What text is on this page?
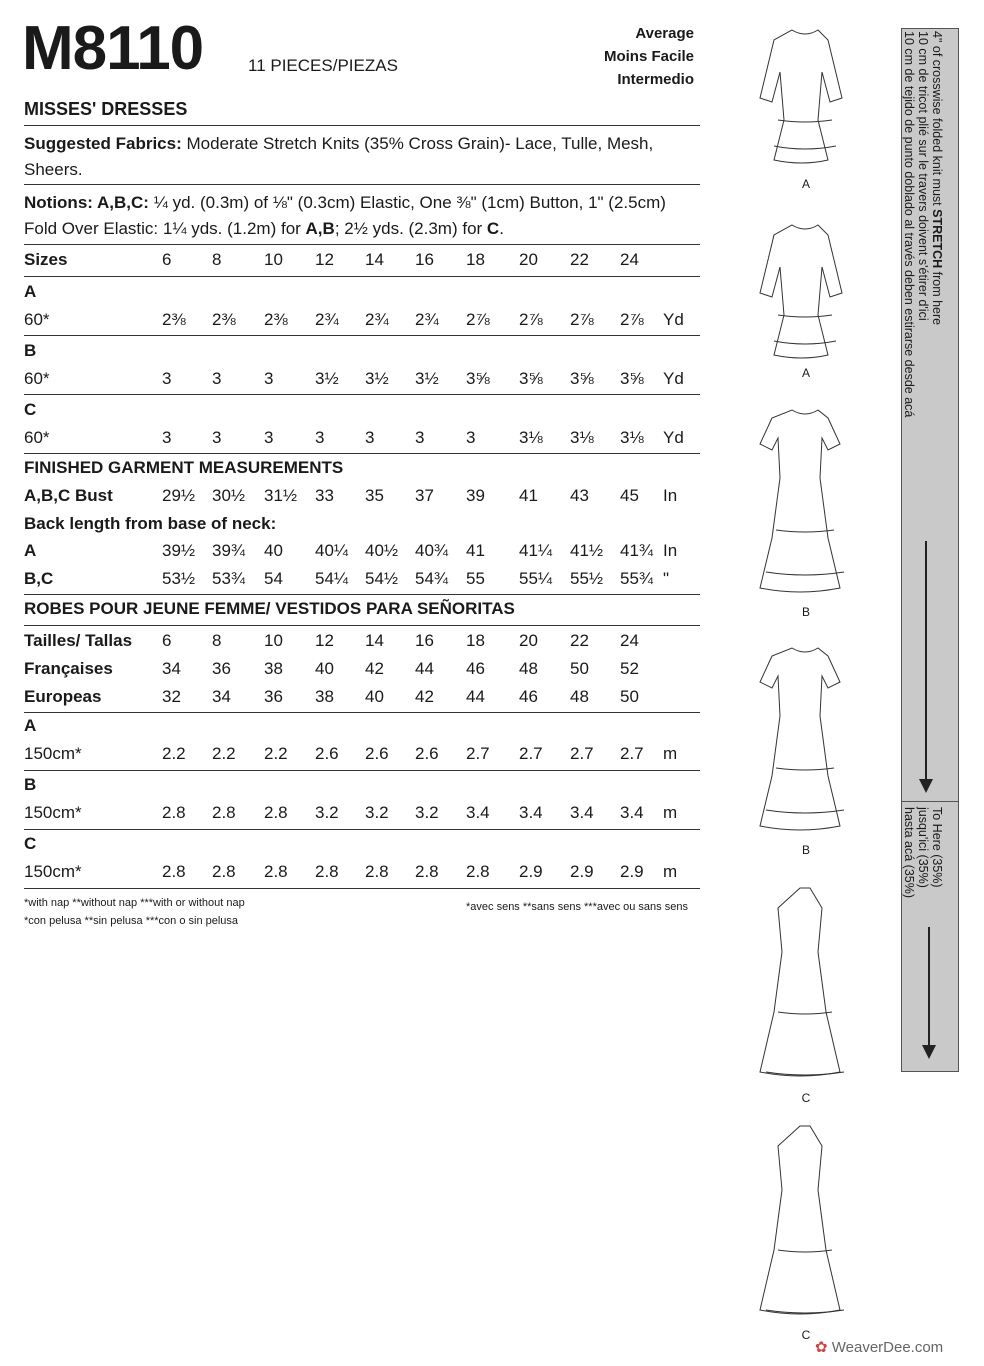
M8110	11 PIECES/PIEZAS
Average
Moins Facile
Intermedio
MISSES' DRESSES
Suggested Fabrics: Moderate Stretch Knits (35% Cross Grain)- Lace, Tulle, Mesh,
Sheers.
Notions: A,B,C: ¼ yd. (0.3m) of ⅛" (0.3cm) Elastic, One ⅜" (1cm) Button, 1" (2.5cm)
Fold Over Elastic: 1¼ yds. (1.2m) for A,B; 2½ yds. (2.3m) for C.
Sizes	6 8	10 12 14 16 18 20 22 24
A
60*	2⅜ 2⅜ 2⅜ 2¾ 2¾ 2¾ 2⅞ 2⅞ 2⅞ 2⅞ Yd
B
60*	3 3	3 3½ 3½ 3½ 3⅝ 3⅝ 3⅝ 3⅝ Yd
C
60*	3 3	3 3 3 3 3	3⅛ 3⅛ 3⅛ Yd
FINISHED GARMENT MEASUREMENTS
A,B,C Bust	29½ 30½ 31½ 33 35 37 39 41 43 45 In
Back length from base of neck:
A	39½ 39¾ 40 40¼ 40½ 40¾ 41 41¼ 41½ 41¾ In
B,C	53½ 53¾ 54 54¼ 54½ 54¾ 55 55¼ 55½ 55¾ "
ROBES POUR JEUNE FEMME/ VESTIDOS PARA SEÑORITAS
Tailles/ Tallas 6 8	10 12 14 16 18 20 22 24
Françaises	34 36 38 40 42 44 46 48 50 52
Europeas	32 34 36 38 40 42 44 46 48 50
A
150cm*	2.2 2.2 2.2 2.6 2.6 2.6 2.7 2.7 2.7 2.7 m
B
150cm*	2.8 2.8 2.8 3.2 3.2 3.2 3.4 3.4 3.4 3.4 m
C
150cm*	2.8 2.8 2.8 2.8 2.8 2.8 2.8 2.9 2.9 2.9 m
*with nap **without nap ***with or without nap
*con pelusa **sin pelusa ***con o sin pelusa
*avec sens **sans sens ***avec ou sans sens
A
A
B
B
C
C
4" of crosswise folded knit must STRETCH from here
10 cm de tricot plié sur le travers doivent s'étirer d'ici
10 cm de tejido de punto doblado al través deben estirarse desde acá
To Here (35%)
jusqu'ici (35%)
hasta acá (35%)
✿ WeaverDee.com
